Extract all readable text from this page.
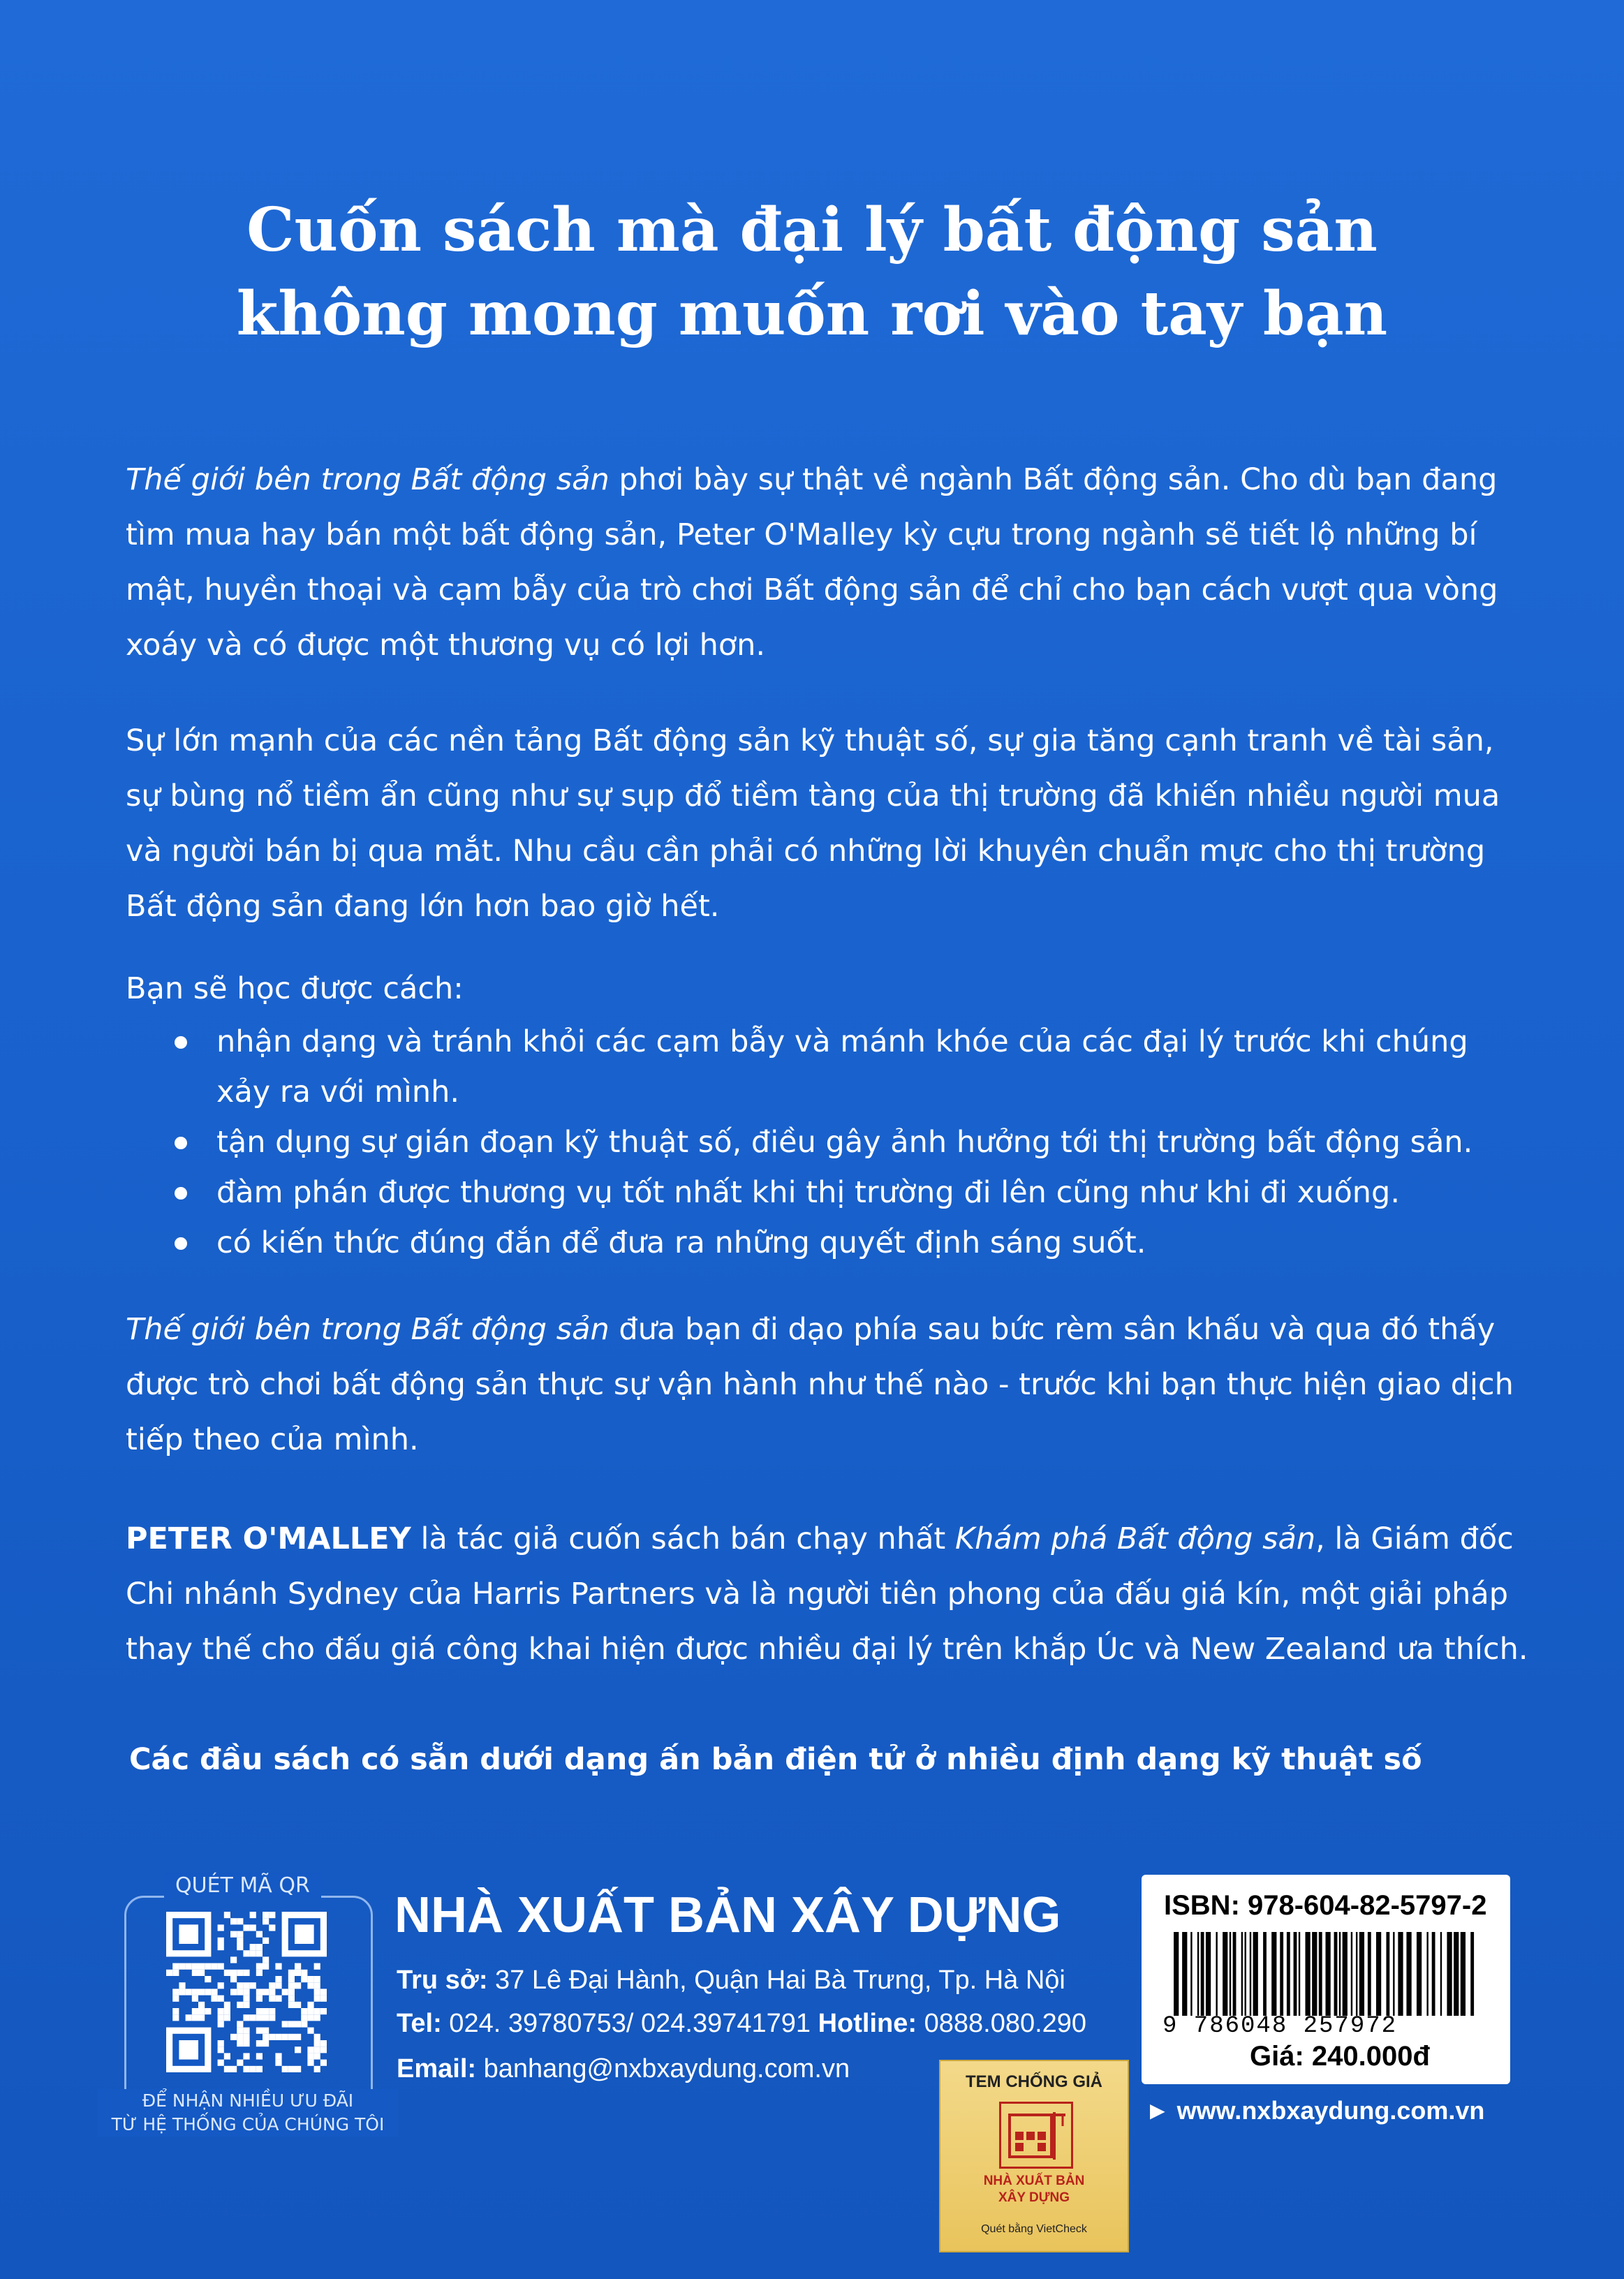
Cuốn sách mà đại lý bất động sản
không mong muốn rơi vào tay bạn
Thế giới bên trong Bất động sản phơi bày sự thật về ngành Bất động sản. Cho dù bạn đang tìm mua hay bán một bất động sản, Peter O'Malley kỳ cựu trong ngành sẽ tiết lộ những bí mật, huyền thoại và cạm bẫy của trò chơi Bất động sản để chỉ cho bạn cách vượt qua vòng xoáy và có được một thương vụ có lợi hơn.
Sự lớn mạnh của các nền tảng Bất động sản kỹ thuật số, sự gia tăng cạnh tranh về tài sản, sự bùng nổ tiềm ẩn cũng như sự sụp đổ tiềm tàng của thị trường đã khiến nhiều người mua và người bán bị qua mắt. Nhu cầu cần phải có những lời khuyên chuẩn mực cho thị trường Bất động sản đang lớn hơn bao giờ hết.
Bạn sẽ học được cách:
nhận dạng và tránh khỏi các cạm bẫy và mánh khóe của các đại lý trước khi chúng xảy ra với mình.
tận dụng sự gián đoạn kỹ thuật số, điều gây ảnh hưởng tới thị trường bất động sản.
đàm phán được thương vụ tốt nhất khi thị trường đi lên cũng như khi đi xuống.
có kiến thức đúng đắn để đưa ra những quyết định sáng suốt.
Thế giới bên trong Bất động sản đưa bạn đi dạo phía sau bức rèm sân khấu và qua đó thấy được trò chơi bất động sản thực sự vận hành như thế nào - trước khi bạn thực hiện giao dịch tiếp theo của mình.
PETER O'MALLEY là tác giả cuốn sách bán chạy nhất Khám phá Bất động sản, là Giám đốc Chi nhánh Sydney của Harris Partners và là người tiên phong của đấu giá kín, một giải pháp thay thế cho đấu giá công khai hiện được nhiều đại lý trên khắp Úc và New Zealand ưa thích.
Các đầu sách có sẵn dưới dạng ấn bản điện tử ở nhiều định dạng kỹ thuật số
QUÉT MÃ QR
ĐỂ NHẬN NHIỀU ƯU ĐÃI
TỪ HỆ THỐNG CỦA CHÚNG TÔI
NHÀ XUẤT BẢN XÂY DỰNG
Trụ sở: 37 Lê Đại Hành, Quận Hai Bà Trưng, Tp. Hà Nội
Tel: 024. 39780753/ 024.39741791 Hotline: 0888.080.290
Email: banhang@nxbxaydung.com.vn
ISBN: 978-604-82-5797-2
9 786048 257972
Giá: 240.000đ
TEM CHỐNG GIẢ
NHÀ XUẤT BẢN
XÂY DỰNG
Quét bằng VietCheck
► www.nxbxaydung.com.vn
